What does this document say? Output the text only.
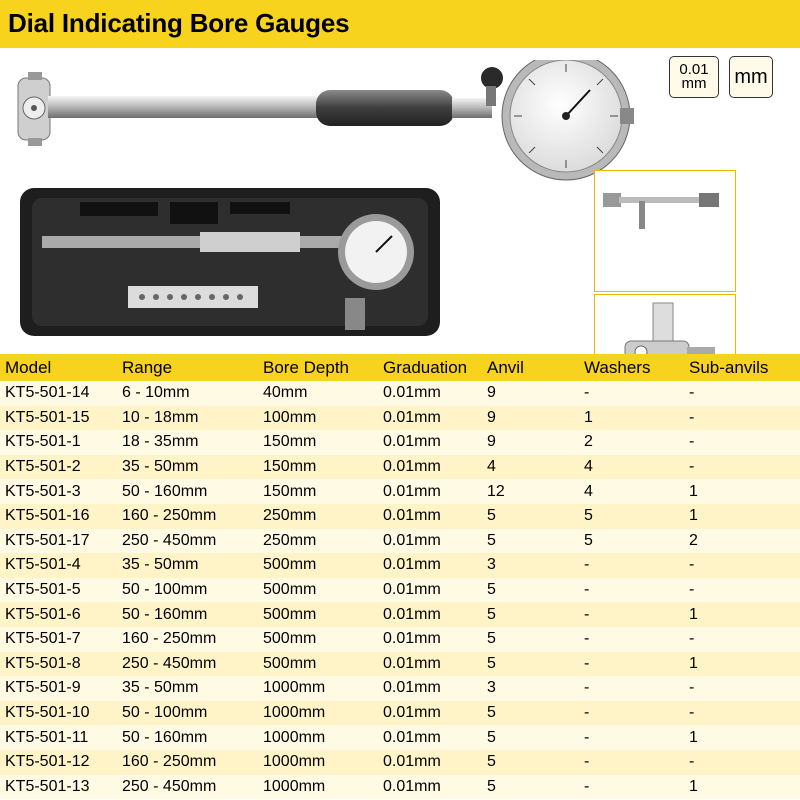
Dial Indicating Bore Gauges
0.01
mm mm
Model	Range	Bore Depth	Graduation	Anvil	Washers	Sub-anvils
KT5-501-14	6 - 10mm	40mm	0.01mm	9	-	-
KT5-501-15	10 - 18mm	100mm	0.01mm	9	1	-
KT5-501-1	18 - 35mm	150mm	0.01mm	9	2	-
KT5-501-2	35 - 50mm	150mm	0.01mm	4	4	-
KT5-501-3	50 - 160mm	150mm	0.01mm	12	4	1
KT5-501-16	160 - 250mm	250mm	0.01mm	5	5	1
KT5-501-17	250 - 450mm	250mm	0.01mm	5	5	2
KT5-501-4	35 - 50mm	500mm	0.01mm	3	-	-
KT5-501-5	50 - 100mm	500mm	0.01mm	5	-	-
KT5-501-6	50 - 160mm	500mm	0.01mm	5	-	1
KT5-501-7	160 - 250mm	500mm	0.01mm	5	-	-
KT5-501-8	250 - 450mm	500mm	0.01mm	5	-	1
KT5-501-9	35 - 50mm	1000mm	0.01mm	3	-	-
KT5-501-10	50 - 100mm	1000mm	0.01mm	5	-	-
KT5-501-11	50 - 160mm	1000mm	0.01mm	5	-	1
KT5-501-12	160 - 250mm	1000mm	0.01mm	5	-	-
KT5-501-13	250 - 450mm	1000mm	0.01mm	5	-	1
